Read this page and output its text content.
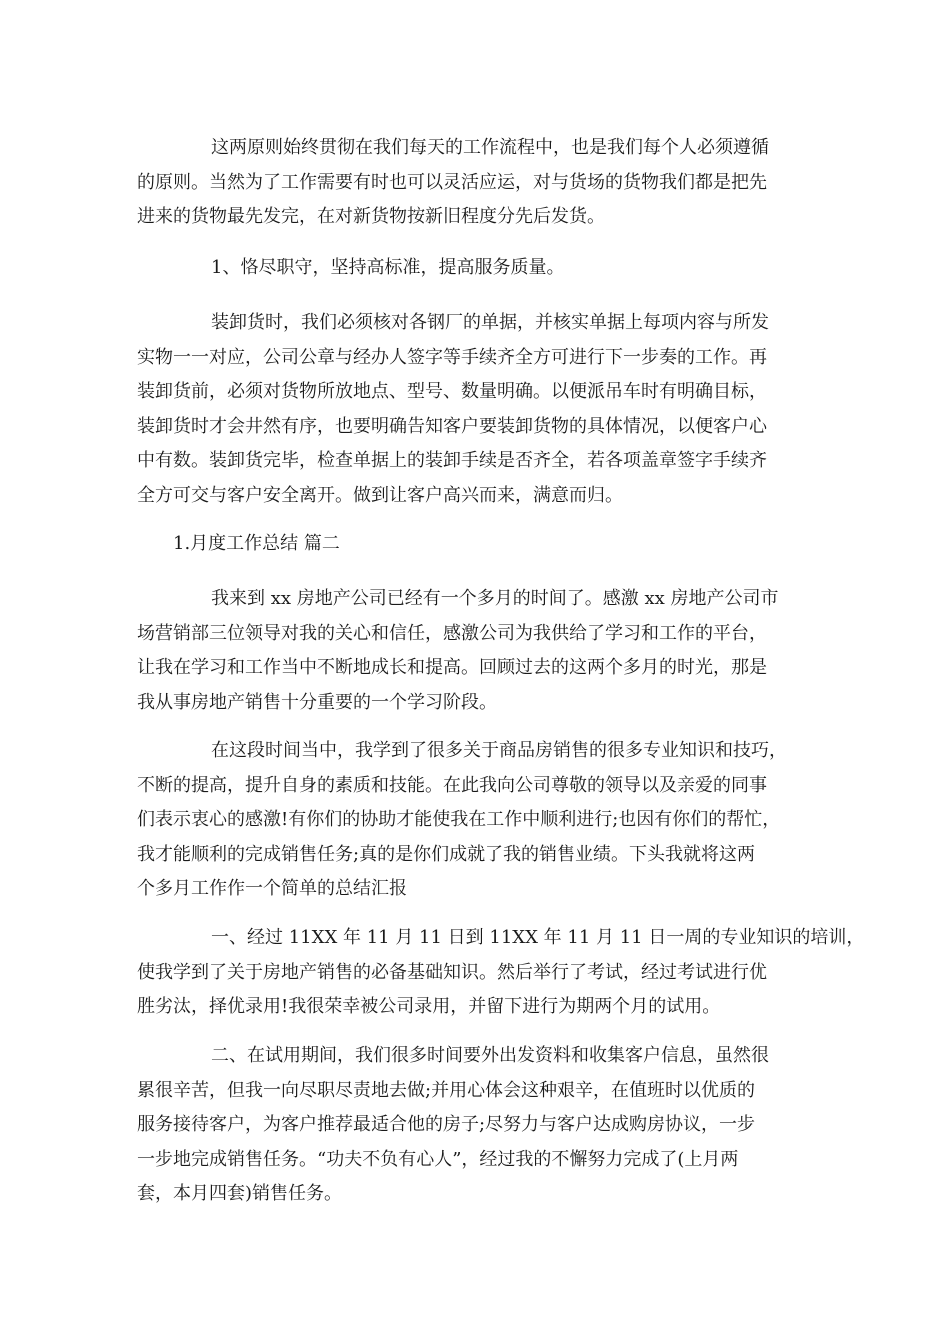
这两原则始终贯彻在我们每天的工作流程中，也是我们每个人必须遵循
的原则。当然为了工作需要有时也可以灵活应运，对与货场的货物我们都是把先
进来的货物最先发完，在对新货物按新旧程度分先后发货。
1、恪尽职守，坚持高标准，提高服务质量。
装卸货时，我们必须核对各钢厂的单据，并核实单据上每项内容与所发
实物一一对应，公司公章与经办人签字等手续齐全方可进行下一步奏的工作。再
装卸货前，必须对货物所放地点、型号、数量明确。以便派吊车时有明确目标，
装卸货时才会井然有序，也要明确告知客户要装卸货物的具体情况，以便客户心
中有数。装卸货完毕，检查单据上的装卸手续是否齐全，若各项盖章签字手续齐
全方可交与客户安全离开。做到让客户高兴而来，满意而归。
1.月度工作总结 篇二
我来到 xx 房地产公司已经有一个多月的时间了。感激 xx 房地产公司市
场营销部三位领导对我的关心和信任，感激公司为我供给了学习和工作的平台，
让我在学习和工作当中不断地成长和提高。回顾过去的这两个多月的时光，那是
我从事房地产销售十分重要的一个学习阶段。
在这段时间当中，我学到了很多关于商品房销售的很多专业知识和技巧，
不断的提高，提升自身的素质和技能。在此我向公司尊敬的领导以及亲爱的同事
们表示衷心的感激!有你们的协助才能使我在工作中顺利进行;也因有你们的帮忙，
我才能顺利的完成销售任务;真的是你们成就了我的销售业绩。下头我就将这两
个多月工作作一个简单的总结汇报
一、经过 11XX 年 11 月 11 日到 11XX 年 11 月 11 日一周的专业知识的培训，
使我学到了关于房地产销售的必备基础知识。然后举行了考试，经过考试进行优
胜劣汰，择优录用!我很荣幸被公司录用，并留下进行为期两个月的试用。
二、在试用期间，我们很多时间要外出发资料和收集客户信息，虽然很
累很辛苦，但我一向尽职尽责地去做;并用心体会这种艰辛，在值班时以优质的
服务接待客户，为客户推荐最适合他的房子;尽努力与客户达成购房协议，一步
一步地完成销售任务。“功夫不负有心人”，经过我的不懈努力完成了(上月两
套，本月四套)销售任务。
